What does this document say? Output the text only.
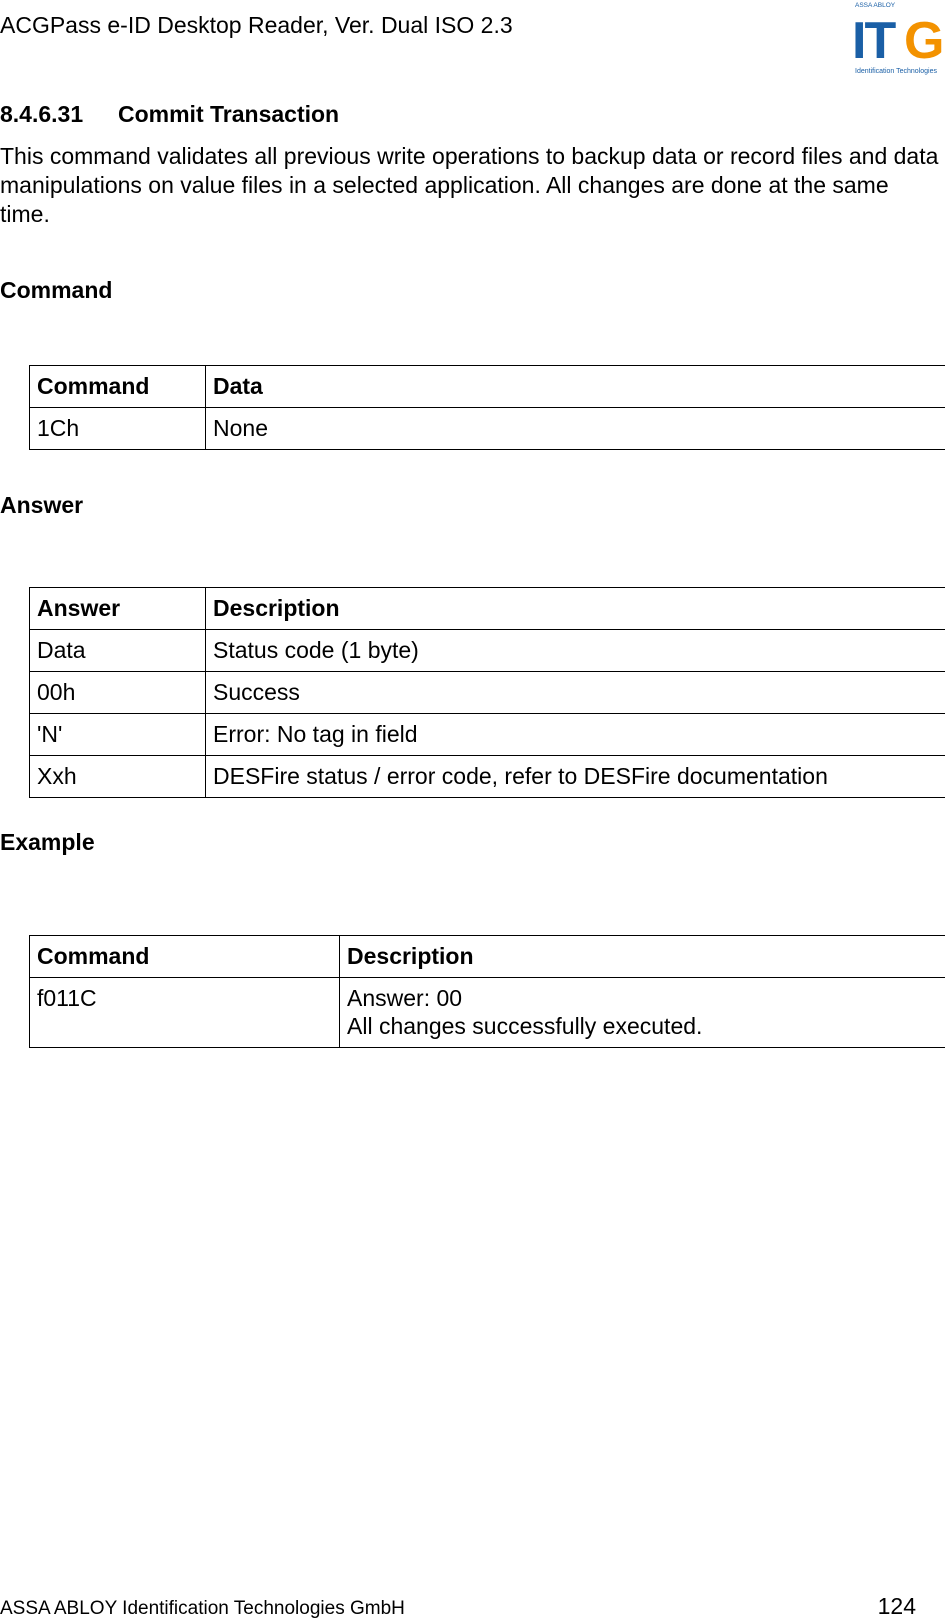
ACGPass e-ID Desktop Reader, Ver. Dual ISO 2.3
ASSA ABLOY
IT G
Identification Technologies
8.4.6.31 Commit Transaction

This command validates all previous write operations to backup data or record files and data manipulations on value files in a selected application. All changes are done at the same time.

Command
Command	Data
1Ch	None
Answer
Answer	Description
Data	Status code (1 byte)
00h	Success
'N'	Error: No tag in field
Xxh	DESFire status / error code, refer to DESFire documentation
Example
Command	Description
f011C	Answer: 00
All changes successfully executed.
ASSA ABLOY Identification Technologies GmbH	124
